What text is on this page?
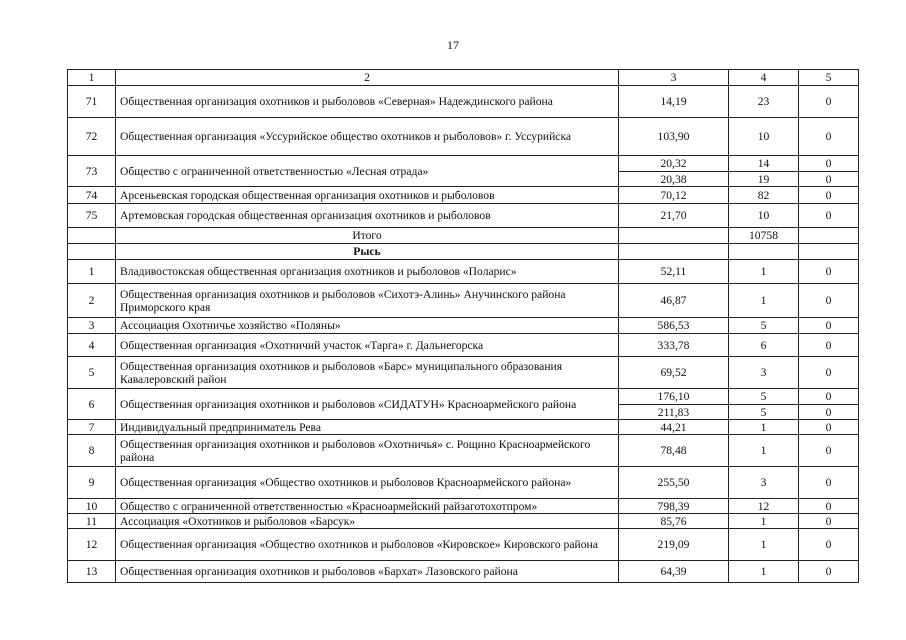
17
1	2	3	4	5
71	Общественная организация охотников и рыболовов «Северная» Надеждинского района	14,19	23	0
72	Общественная организация «Уссурийское общество охотников и рыболовов» г. Уссурийска	103,90	10	0
73	Общество с ограниченной ответственностью «Лесная отрада»	20,32	14	0
		20,38	19	0
74	Арсеньевская городская общественная организация охотников и рыболовов	70,12	82	0
75	Артемовская городская общественная организация охотников и рыболовов	21,70	10	0
	Итого		10758	
	Рысь			
1	Владивостокская общественная организация охотников и рыболовов «Поларис»	52,11	1	0
2	Общественная организация охотников и рыболовов «Сихотэ-Алинь» Анучинского района Приморского края	46,87	1	0
3	Ассоциация Охотничье хозяйство «Поляны»	586,53	5	0
4	Общественная организация «Охотничий участок «Тарга» г. Дальнегорска	333,78	6	0
5	Общественная организация охотников и рыболовов «Барс» муниципального образования Кавалеровский район	69,52	3	0
6	Общественная организация охотников и рыболовов «СИДАТУН» Красноармейского района	176,10	5	0
		211,83	5	0
7	Индивидуальный предприниматель Рева	44,21	1	0
8	Общественная организация охотников и рыболовов «Охотничья» с. Рощино Красноармейского района	78,48	1	0
9	Общественная организация «Общество охотников и рыболовов Красноармейского района»	255,50	3	0
10	Общество с ограниченной ответственностью «Красноармейский райзаготохотпром»	798,39	12	0
11	Ассоциация «Охотников и рыболовов «Барсук»	85,76	1	0
12	Общественная организация «Общество охотников и рыболовов «Кировское» Кировского района	219,09	1	0
13	Общественная организация охотников и рыболовов «Бархат» Лазовского района	64,39	1	0
